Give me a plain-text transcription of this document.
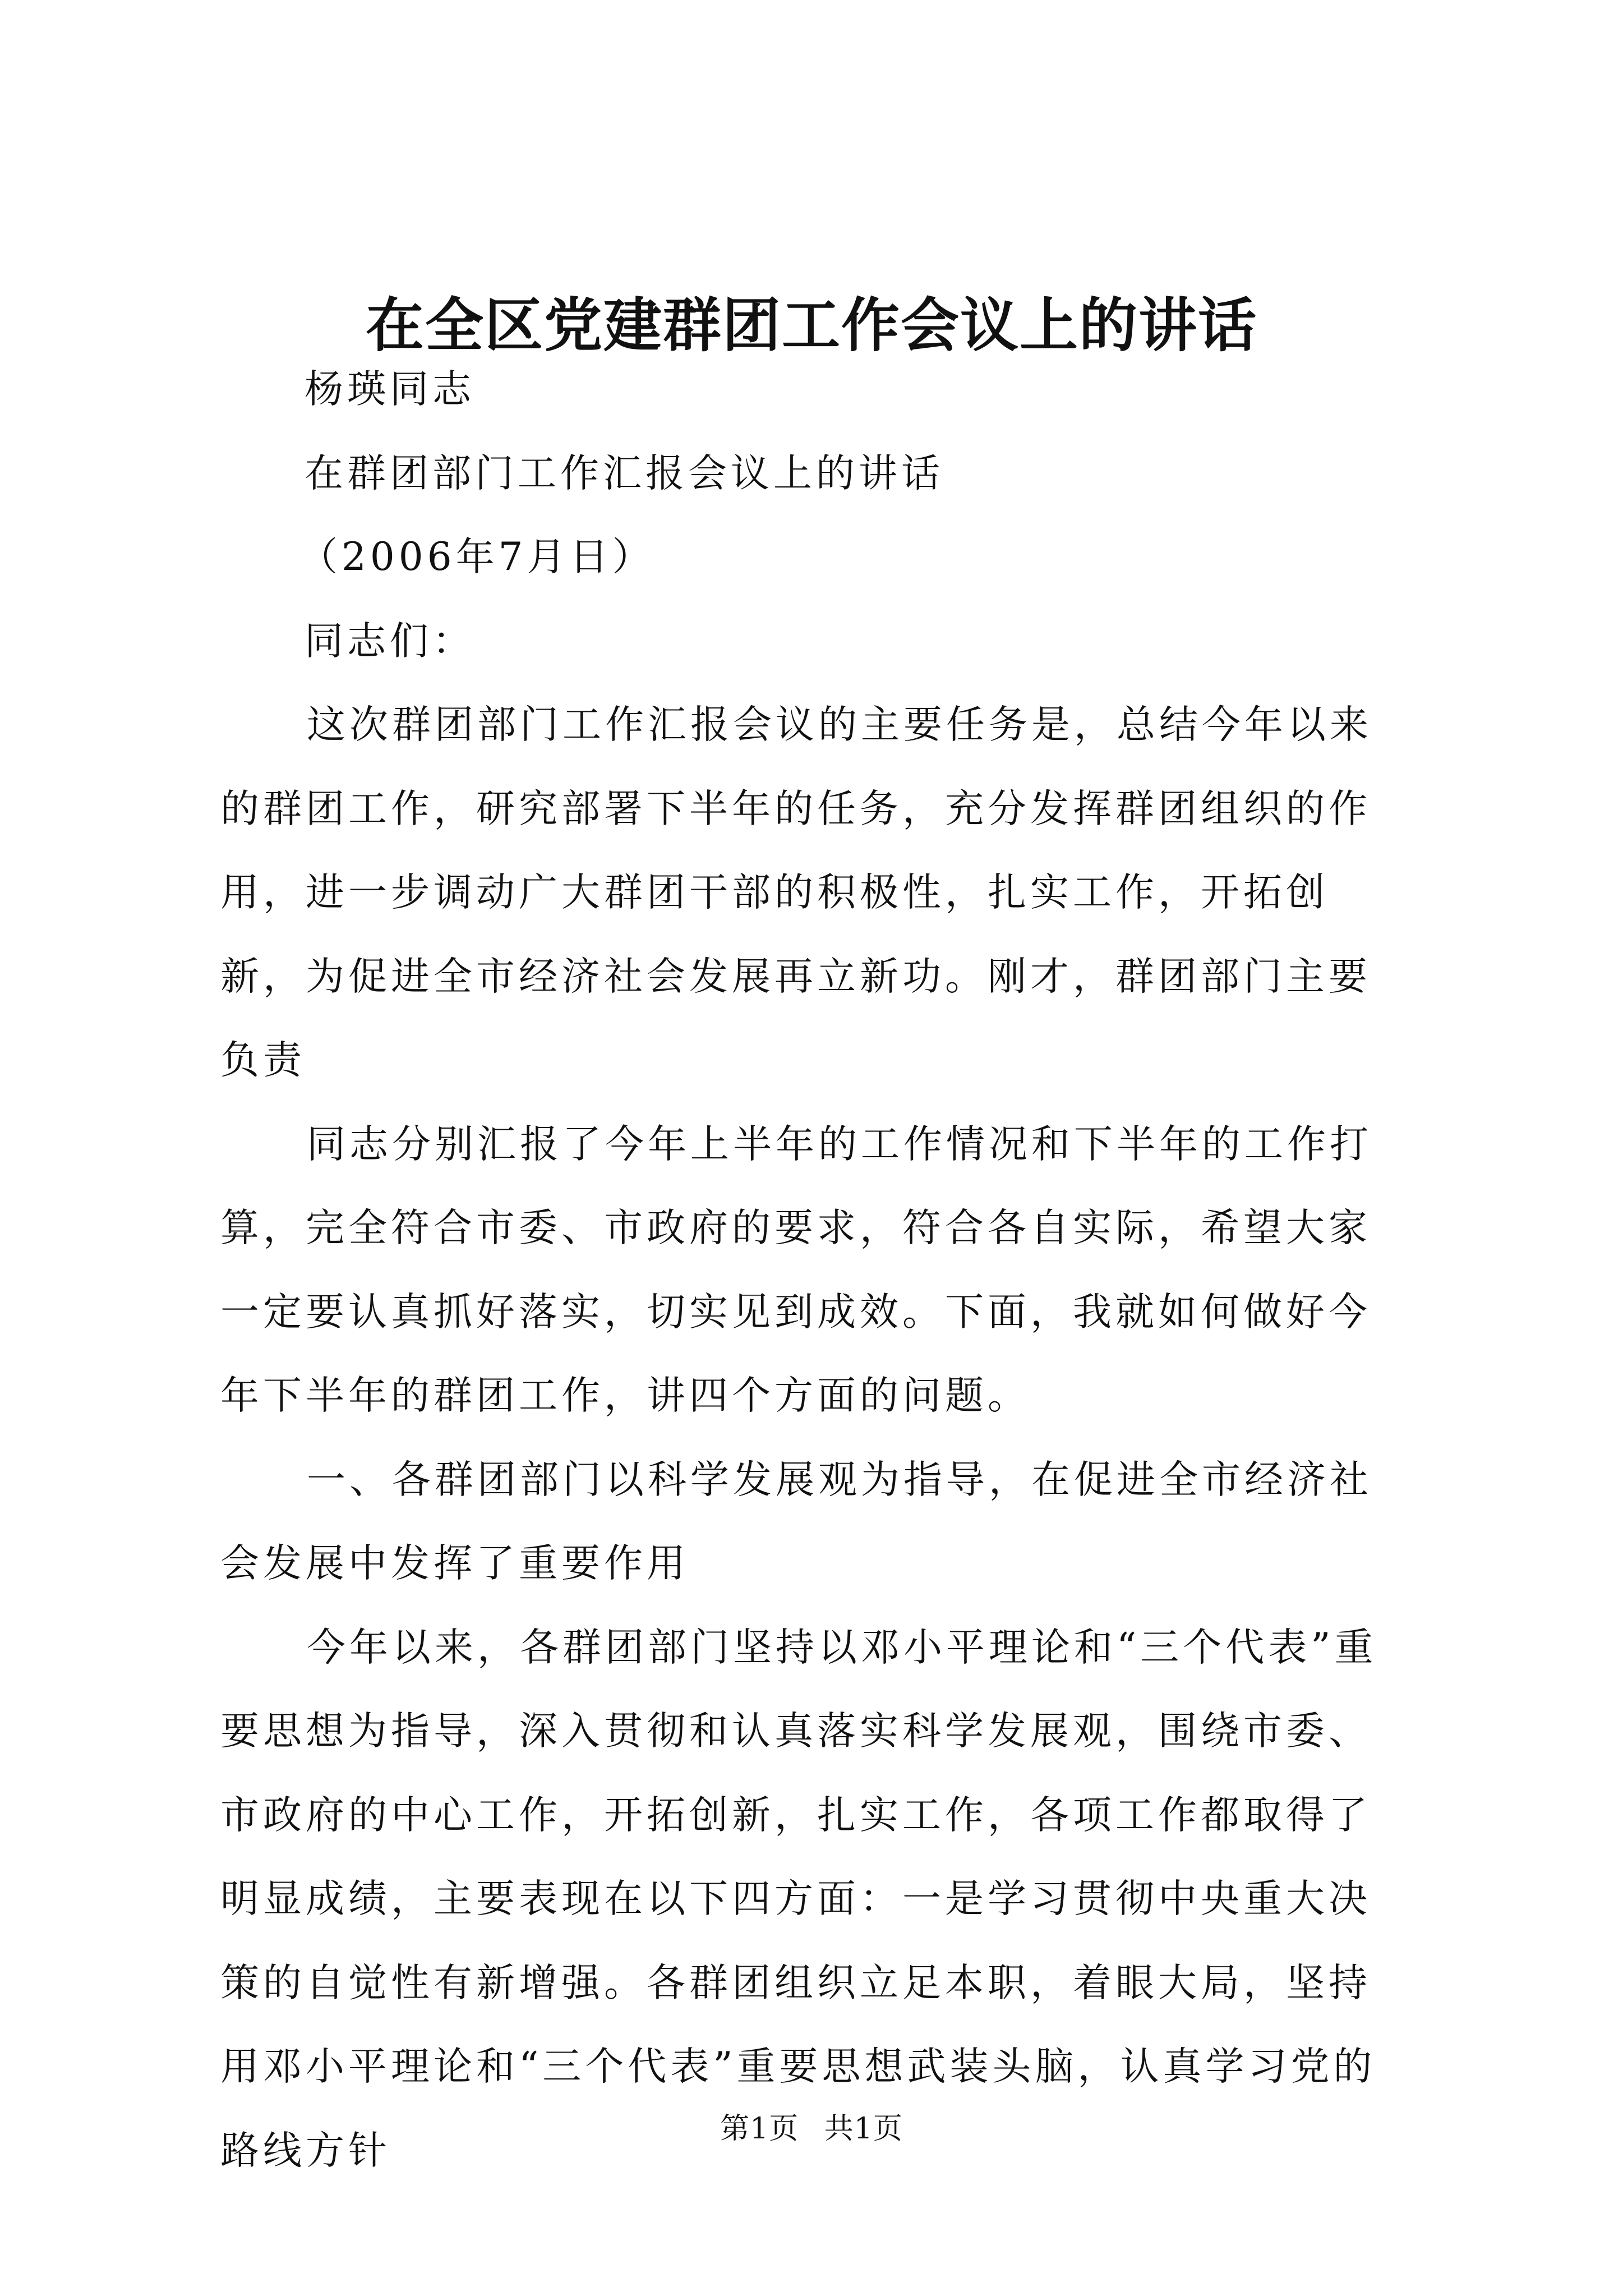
在全区党建群团工作会议上的讲话

杨瑛同志

在群团部门工作汇报会议上的讲话

（2006年7月日）

同志们：

这次群团部门工作汇报会议的主要任务是，总结今年以来的群团工作，研究部署下半年的任务，充分发挥群团组织的作用，进一步调动广大群团干部的积极性，扎实工作，开拓创新，为促进全市经济社会发展再立新功。刚才，群团部门主要负责

同志分别汇报了今年上半年的工作情况和下半年的工作打算，完全符合市委、市政府的要求，符合各自实际，希望大家一定要认真抓好落实，切实见到成效。下面，我就如何做好今年下半年的群团工作，讲四个方面的问题。

一、各群团部门以科学发展观为指导，在促进全市经济社会发展中发挥了重要作用

今年以来，各群团部门坚持以邓小平理论和“三个代表”重要思想为指导，深入贯彻和认真落实科学发展观，围绕市委、市政府的中心工作，开拓创新，扎实工作，各项工作都取得了明显成绩，主要表现在以下四方面：一是学习贯彻中央重大决策的自觉性有新增强。各群团组织立足本职，着眼大局，坚持用邓小平理论和“三个代表”重要思想武装头脑，认真学习党的路线方针	第1页 共1页
